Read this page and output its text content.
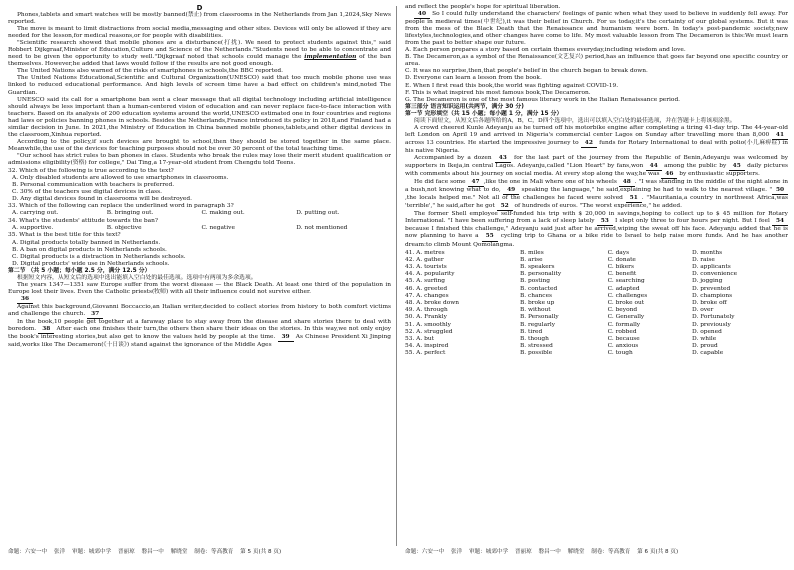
D

Phones,tablets and smart watches will be mostly banned(禁止) from classrooms in the Netherlands from Jan 1,2024,Sky News reported.

The move is meant to limit distractions from social media,messaging and other sites. Devices will only be allowed if they are needed for the lesson,for medical reasons,or for people with disabilities.

"Scientific research showed that mobile phones are a disturbance(打扰). We need to protect students against this," said Robbert Dijkgraaf,Minister of Education,Culture and Science of the Netherlands."Students need to be able to concentrate and need to be given the opportunity to study well."Dijkgraaf noted that schools could manage the implementation of the ban themselves. However,he added that laws would follow if the results are not good enough.

The United Nations also warned of the risks of smartphones in schools,the BBC reported.

The United Nations Educational,Scientific and Cultural Organization(UNESCO) said that too much mobile phone use was linked to reduced educational performance. And high levels of screen time have a bad effect on children's mind,noted The Guardian.

UNESCO said its call for a smartphone ban sent a clear message that all digital technology including artificial intelligence should always be less important than a human-centered vision of education and can never replace face-to-face interaction with teachers. Based on its analysis of 200 education systems around the world,UNESCO estimated one in four countries and regions had laws or policies banning phones in schools. Besides the Netherlands,France introduced its policy in 2018,and Finland had a similar decision in June. In 2021,the Ministry of Education in China banned mobile phones,tablets,and other digital devices in the classroom,Xinhua reported.

According to the policy,if such devices are brought to school,then they should be stored together in the same place. Meanwhile,the use of the devices for teaching purposes should not be over 30 percent of the total teaching time.

"Our school has strict rules to ban phones in class. Students who break the rules may lose their merit student qualification or admissions eligibility(资格) for college," Dai Ting,a 17-year-old student from Chengdu told Teens.

32. Which of the following is true according to the text?

A. Only disabled students are allowed to use smartphones in classrooms.

B. Personal communication with teachers is preferred.

C. 30% of the teachers use digital devices in class.

D. Any digital devices found in classrooms will be destroyed.

33. Which of the following can replace the underlined word in paragraph 3?

A. carrying out.	B. bringing out.	C. making out.	D. putting out.

34. What's the students' attitude towards the ban?

A. supportive.	B. objective	C. negative	D. not mentioned

35. What is the best title for this text?

A. Digital products totally banned in Netherlands.

B. A ban on digital products in Netherlands schools.

C. Digital products is a distraction in Netherlands schools.

D. Digital products' wide use in Netherlands schools.

第二节 （共 5 小题；每小题 2.5 分，满分 12.5 分）

根据短文内容，从短文后的选项中选出能填入空白处的最佳选项。选项中有两项为多余选项。

The years 1347—1351 saw Europe suffer from the worst disease — the Black Death. At least one third of the population in Europe lost their lives. Even the Catholic priests(牧师) with all their influence could not survive either.

36

Against this background,Giovanni Boccaccio,an Italian writer,decided to collect stories from history to both comfort victims and challenge the church. 37

In the book,10 people get together at a faraway place to stay away from the disease and share stories there to deal with boredom. 38 After each one finishes their turn,the others then share their ideas on the stories. In this way,we not only enjoy the book's interesting stories,but also get to know the values held by people at the time. 39 As Chinese President Xi Jinping said,works like The Decameron(《十日谈》) stand against the ignorance of the Middle Ages

and reflect the people's hope for spiritual liberation.

40 So I could fully understand the characters' feelings of panic when what they used to believe in suddenly fell away. For people in medieval times(中世纪),it was their belief in Church. For us today,it's the certainty of our global systems. But it was from the mess of the Black Death that the Renaissance and humanism were born. In today's post-pandemic society,new lifestyles,technologies,and other changes have come to life. My most valuable lesson from The Decameron is this:We must learn from the past to better shape our future.

A. Each person prepares a story based on certain themes everyday,including wisdom and love.

B. The Decameron,as a symbol of the Renaissance(文艺复兴) period,has an influence that goes far beyond one specific country or area.

C. It was no surprise,then,that people's belief in the church began to break down.

D. Everyone can learn a lesson from the book.

E. When I first read this book,the world was fighting against COVID-19.

F. This is what inspired his most famous book,The Decameron.

G. The Decameron is one of the most famous literary work in the Italian Renaissance period.

第三部分 语言知识运用(共两节，满分 30 分)

第一节 完形填空（共 15 小题；每小题 1 分，满分 15 分）

阅读下面短文，从短文后各题所给的A，B，C，D四个选项中，选出可以填入空白处的最佳选项，并在答题卡上将该项涂黑。

A crowd cheered Kunle Adeyanju as he turned off his motorbike engine after completing a tiring 41-day trip. The 44-year-old left London on April 19 and arrived in Nigeria's commercial center Lagos on Sunday after travelling more than 8,000 41 across 13 countries. He started the impressive journey to 42 funds for Rotary International to deal with polio(小儿麻痹症) in his native Nigeria.

Accompanied by a dozen 43 for the last part of the journey from the Republic of Benin,Adeyanju was welcomed by supporters in Ikeja,in central Lagos. Adeyanju,called "Lion Heart" by fans,won 44 among the public by 45 daily pictures with comments about his journey on social media. At every stop along the way,he was 46 by enthusiastic supporters.

He did face some 47 ,like the one in Mali where one of his wheels 48 . "I was standing in the middle of the night alone in a bush,not knowing what to do, 49 speaking the language," he said,explaining he had to walk to the nearest village. " 50,the locals helped me." Not all of the challenges he faced were solved 51 . "Mauritania,a country in northwest Africa,was 'terrible'," he said,after he got 52 of hundreds of euros. "The worst experience," he added.

The former Shell employee self-funded his trip with $ 20,000 in savings,hoping to collect up to $ 45 million for Rotary International. "I have been suffering from a lack of sleep lately 53 I slept only three to four hours per night. But I feel 54 because I finished this challenge," Adeyanju said just after he arrived,wiping the sweat off his face. Adeyanju added that he is now planning to have a 55 cycling trip to Ghana or a bike ride to Israel to help raise more funds. And he has another dream:to climb Mount Qomolangma.

41. A. metres	B. miles	C. days	D. months
42. A. gather	B. arise	C. donate	D. raise
43. A. tourists	B. speakers	C. bikers	D. applicants
44. A. popularity	B. personality	C. benefit	D. convenience
45. A. surfing	B. posting	C. searching	D. jogging
46. A. greeted	B. contacted	C. adapted	D. prevented
47. A. changes	B. chances	C. challenges	D. champions
48. A. broke down	B. broke up	C. broke out	D. broke off
49. A. through	B. without	C. beyond	D. over
50. A. Frankly	B. Personally	C. Generally	D. Fortunately
51. A. smoothly	B. regularly	C. formally	D. previously
52. A. struggled	B. tired	C. robbed	D. opened
53. A. but	B. though	C. because	D. while
54. A. inspired	B. stressed	C. anxious	D. proud
55. A. perfect	B. possible	C. tough	D. capable
命题：六安一中 张洋 审题：城郊中学 晋丽琼 磐昌一中 解晓堂 制卷：等高教育 第 5 页(共 8 页)	命题：六安一中 张洋 审题：城郊中学 晋丽琼 磐昌一中 解晓堂 制卷：等高教育 第 6 页(共 8 页)
